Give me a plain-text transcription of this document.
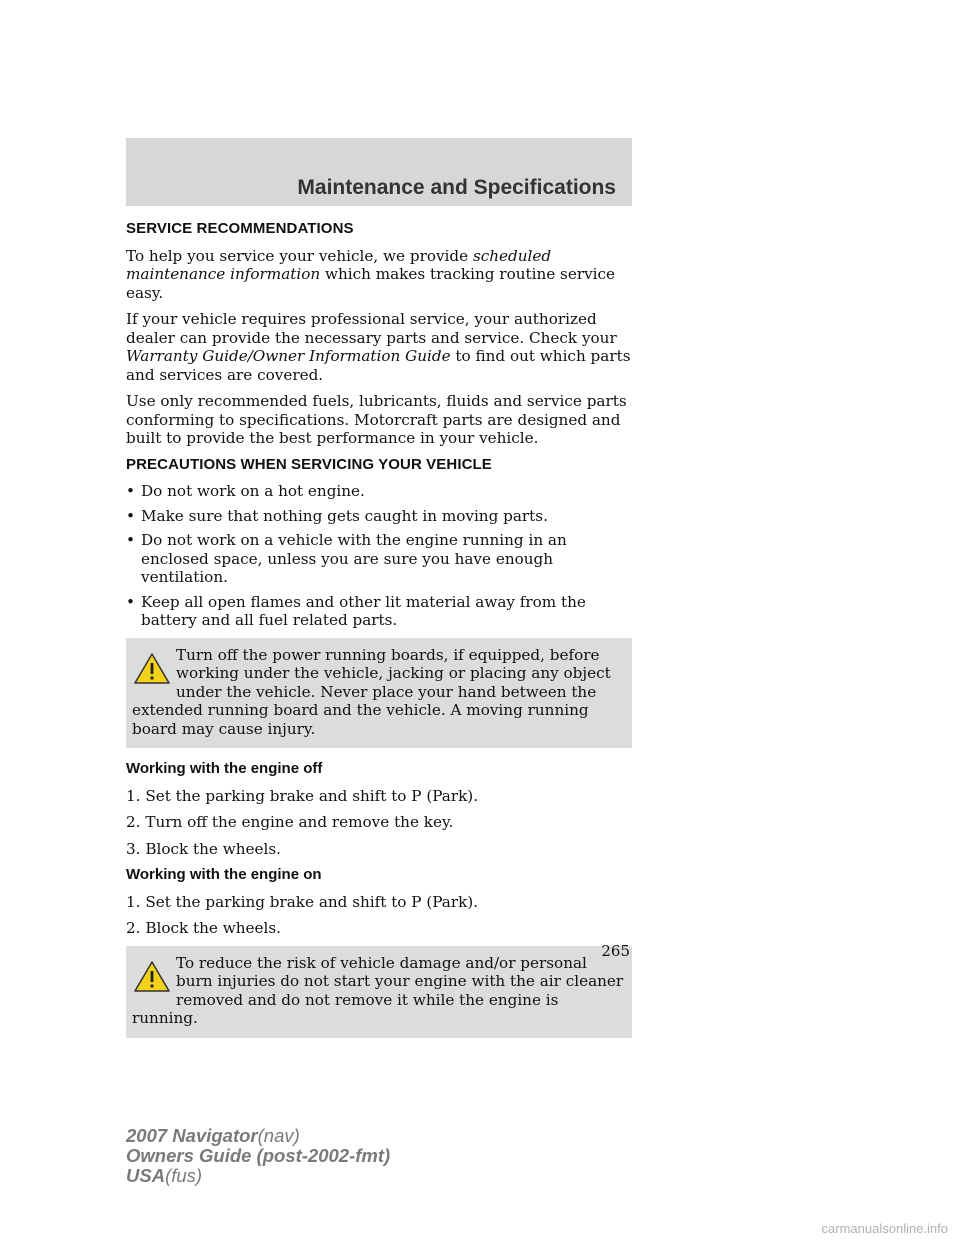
Maintenance and Specifications
SERVICE RECOMMENDATIONS

To help you service your vehicle, we provide scheduled maintenance information which makes tracking routine service easy.

If your vehicle requires professional service, your authorized dealer can provide the necessary parts and service. Check your Warranty Guide/Owner Information Guide to find out which parts and services are covered.

Use only recommended fuels, lubricants, fluids and service parts conforming to specifications. Motorcraft parts are designed and built to provide the best performance in your vehicle.

PRECAUTIONS WHEN SERVICING YOUR VEHICLE
• Do not work on a hot engine.
• Make sure that nothing gets caught in moving parts.
• Do not work on a vehicle with the engine running in an enclosed space, unless you are sure you have enough ventilation.
• Keep all open flames and other lit material away from the battery and all fuel related parts.
Turn off the power running boards, if equipped, before working under the vehicle, jacking or placing any object under the vehicle. Never place your hand between the extended running board and the vehicle. A moving running board may cause injury.
Working with the engine off

1. Set the parking brake and shift to P (Park).

2. Turn off the engine and remove the key.

3. Block the wheels.

Working with the engine on

1. Set the parking brake and shift to P (Park).

2. Block the wheels.

To reduce the risk of vehicle damage and/or personal burn injuries do not start your engine with the air cleaner removed and do not remove it while the engine is running.
265
2007 Navigator(nav)
Owners Guide (post-2002-fmt)
USA(fus)
carmanualsonline.info
